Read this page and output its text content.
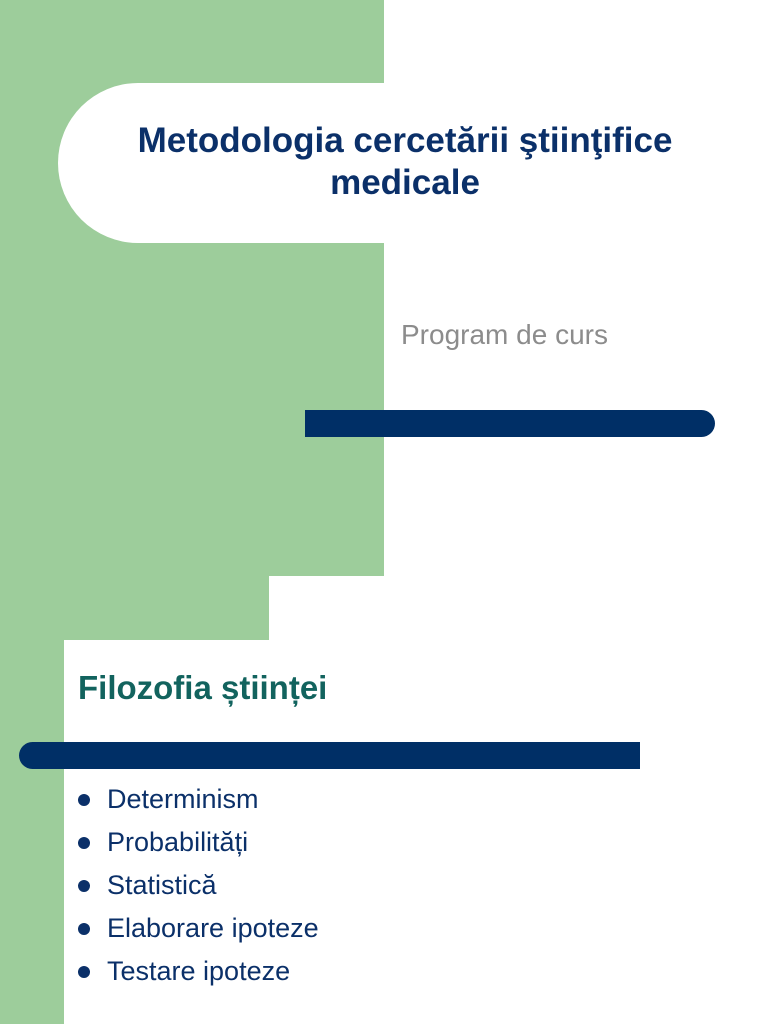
Metodologia cercetării ştiinţifice medicale
Program de curs
Filozofia științei
Determinism
Probabilități
Statistică
Elaborare ipoteze
Testare ipoteze
